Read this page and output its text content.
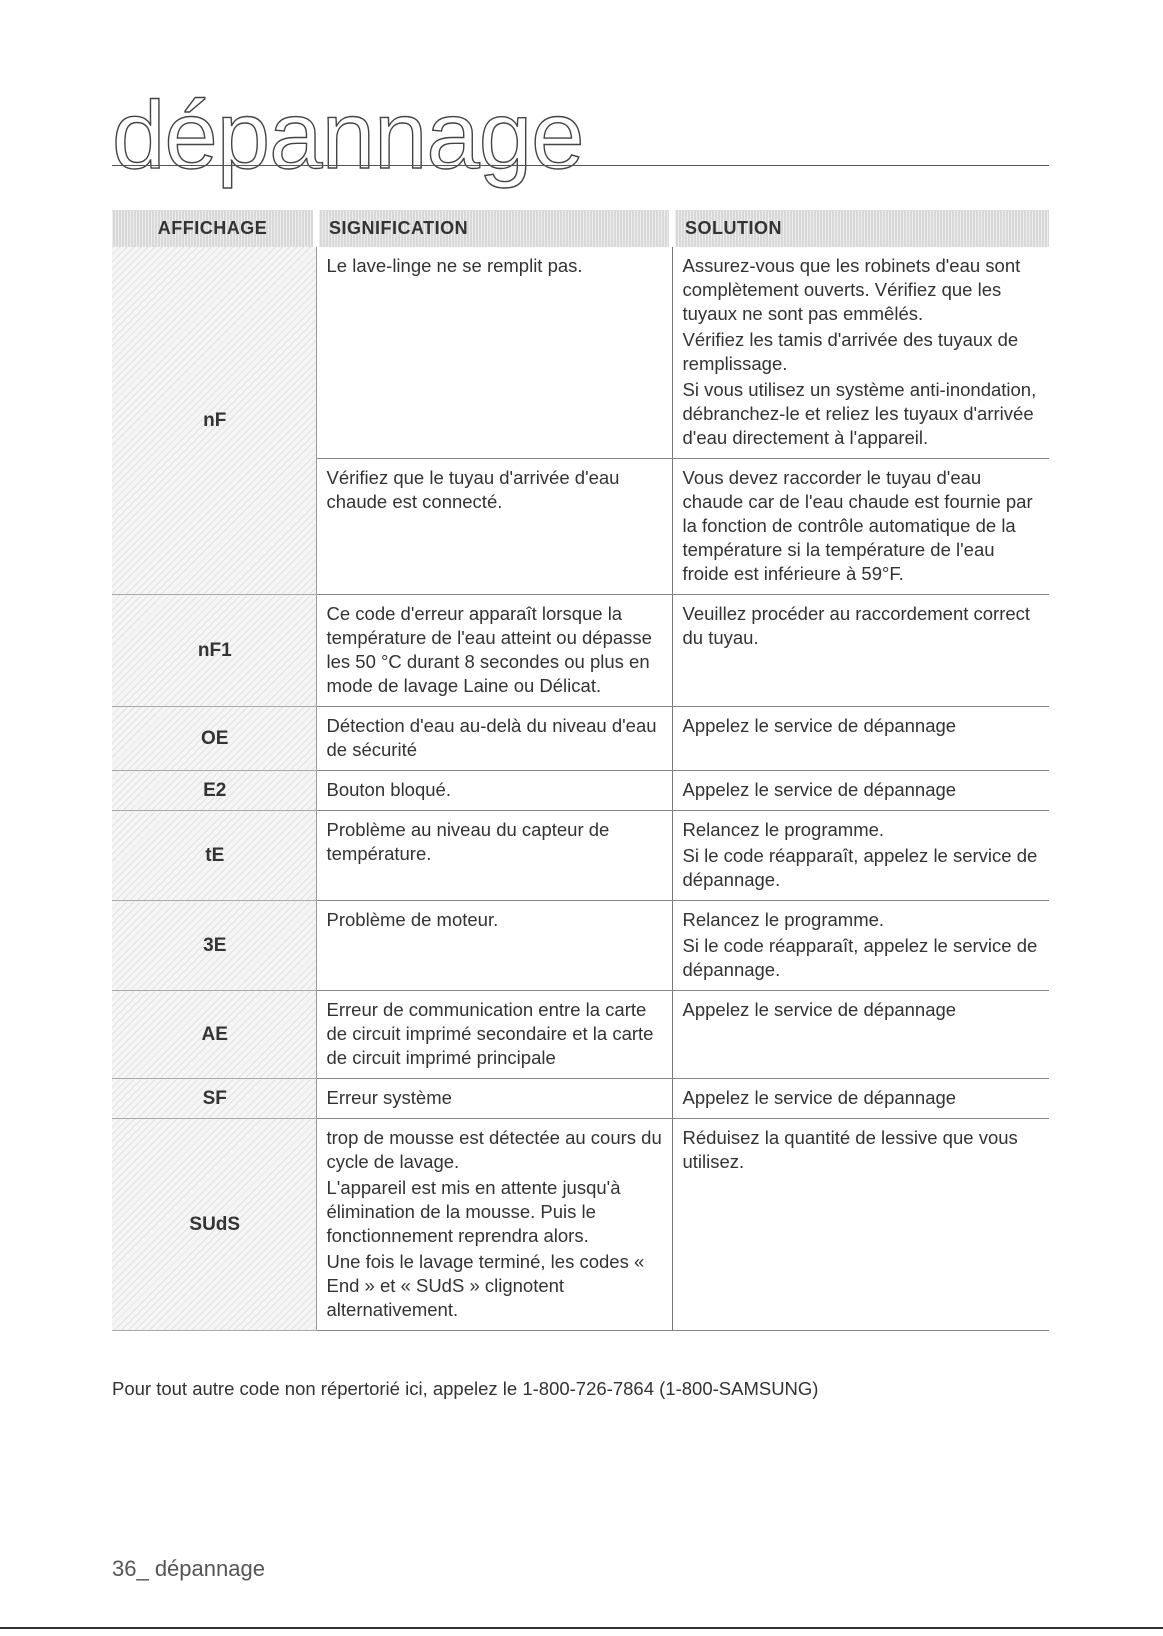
dépannage
AFFICHAGE	SIGNIFICATION	SOLUTION
nF	Le lave-linge ne se remplit pas.	Assurez-vous que les robinets d'eau sont complètement ouverts. Vérifiez que les tuyaux ne sont pas emmêlés.

Vérifiez les tamis d'arrivée des tuyaux de remplissage.

Si vous utilisez un système anti-inondation, débranchez-le et reliez les tuyaux d'arrivée d'eau directement à l'appareil.

	Vérifiez que le tuyau d'arrivée d'eau chaude est connecté.	Vous devez raccorder le tuyau d'eau chaude car de l'eau chaude est fournie par la fonction de contrôle automatique de la température si la température de l'eau froide est inférieure à 59°F.

nF1	Ce code d'erreur apparaît lorsque la température de l'eau atteint ou dépasse les 50 °C durant 8 secondes ou plus en mode de lavage Laine ou Délicat.	Veuillez procéder au raccordement correct du tuyau.

OE	Détection d'eau au-delà du niveau d'eau de sécurité	Appelez le service de dépannage

E2	Bouton bloqué.	Appelez le service de dépannage

tE	Problème au niveau du capteur de température.	Relancez le programme.

Si le code réapparaît, appelez le service de dépannage.

3E	Problème de moteur.	Relancez le programme.

Si le code réapparaît, appelez le service de dépannage.

AE	Erreur de communication entre la carte de circuit imprimé secondaire et la carte de circuit imprimé principale	Appelez le service de dépannage

SF	Erreur système	Appelez le service de dépannage

SUdS	trop de mousse est détectée au cours du cycle de lavage.

L'appareil est mis en attente jusqu'à élimination de la mousse. Puis le fonctionnement reprendra alors.

Une fois le lavage terminé, les codes « End » et « SUdS » clignotent alternativement.	Réduisez la quantité de lessive que vous utilisez.

Pour tout autre code non répertorié ici, appelez le 1-800-726-7864 (1-800-SAMSUNG)
36_ dépannage
